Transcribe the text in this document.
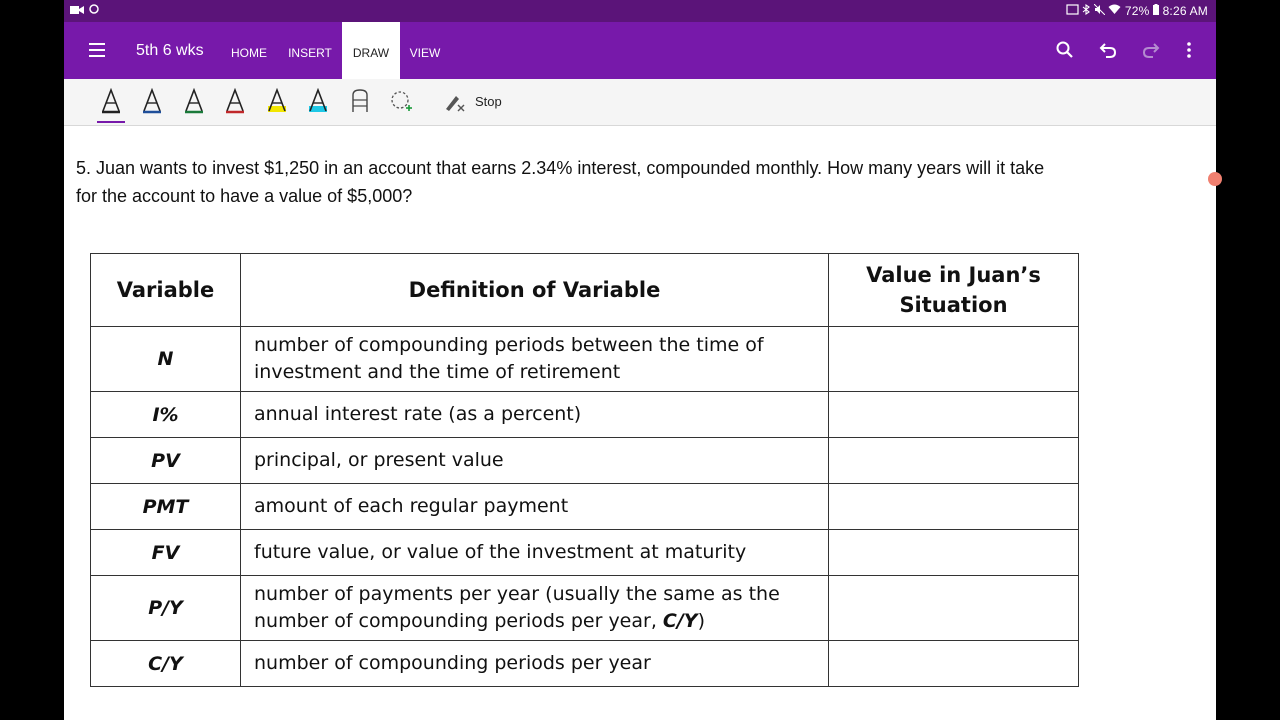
72% 8:26 AM
5th 6 wks	HOME	INSERT	DRAW	VIEW
Stop
5. Juan wants to invest $1,250 in an account that earns 2.34% interest, compounded monthly. How many years will it take for the account to have a value of $5,000?
Variable	Definition of Variable	Value in Juan’s Situation
N	number of compounding periods between the time of investment and the time of retirement	
I%	annual interest rate (as a percent)	
PV	principal, or present value	
PMT	amount of each regular payment	
FV	future value, or value of the investment at maturity	
P/Y	number of payments per year (usually the same as the number of compounding periods per year, C/Y)	
C/Y	number of compounding periods per year	
